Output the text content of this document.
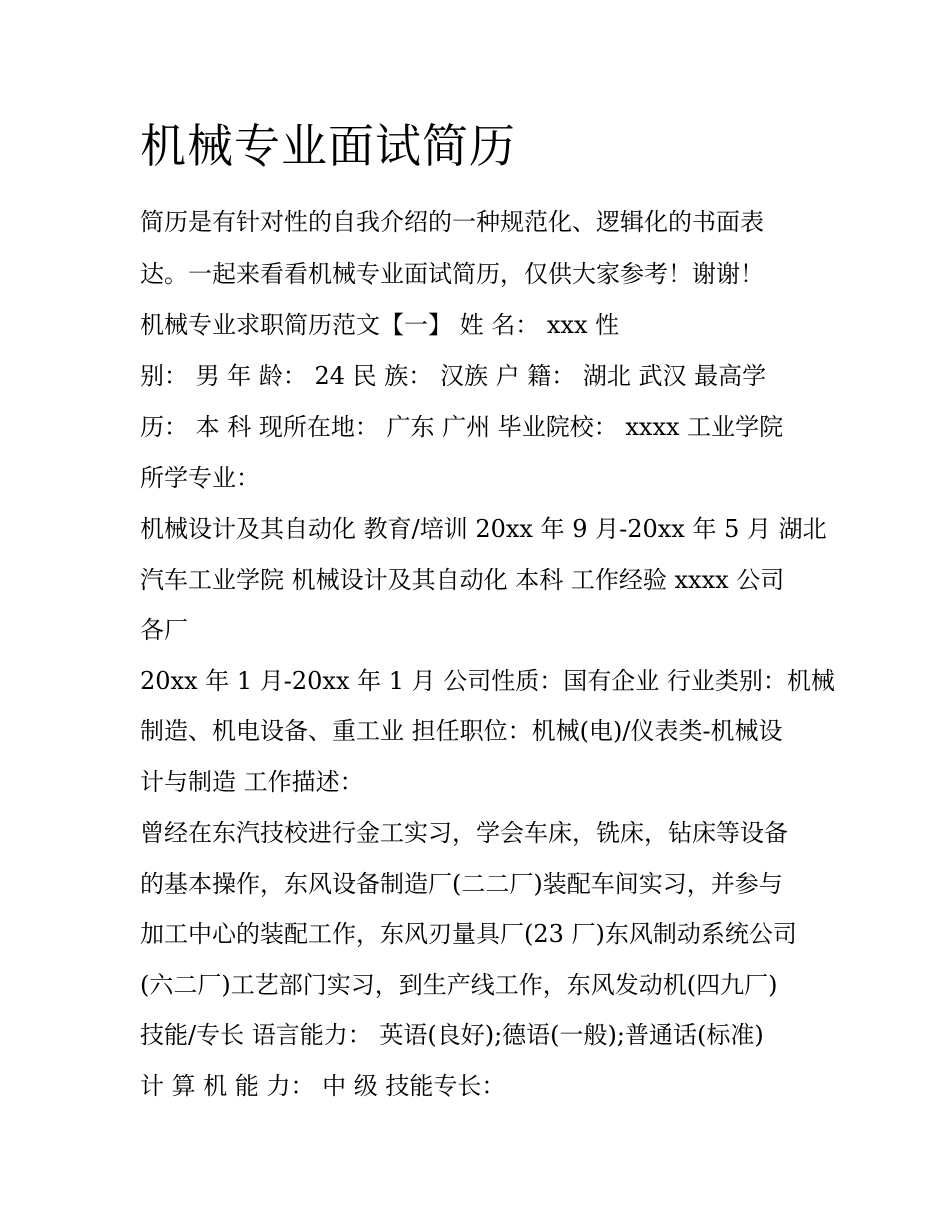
机械专业面试简历
简历是有针对性的自我介绍的一种规范化、逻辑化的书面表
达。一起来看看机械专业面试简历，仅供大家参考！谢谢！
机械专业求职简历范文【一】 姓 名： xxx 性
别： 男 年 龄： 24 民 族： 汉族 户 籍： 湖北 武汉 最高学
历： 本 科 现所在地： 广东 广州 毕业院校： xxxx 工业学院
所学专业：
机械设计及其自动化 教育/培训 20xx 年 9 月-20xx 年 5 月 湖北
汽车工业学院 机械设计及其自动化 本科 工作经验 xxxx 公司
各厂
20xx 年 1 月-20xx 年 1 月 公司性质：国有企业 行业类别：机械
制造、机电设备、重工业 担任职位：机械(电)/仪表类-机械设
计与制造 工作描述：
曾经在东汽技校进行金工实习，学会车床，铣床，钻床等设备
的基本操作，东风设备制造厂(二二厂)装配车间实习，并参与
加工中心的装配工作，东风刃量具厂(23 厂)东风制动系统公司
(六二厂)工艺部门实习，到生产线工作，东风发动机(四九厂)
技能/专长 语言能力： 英语(良好);德语(一般);普通话(标准)
计 算 机 能 力： 中 级 技能专长：
